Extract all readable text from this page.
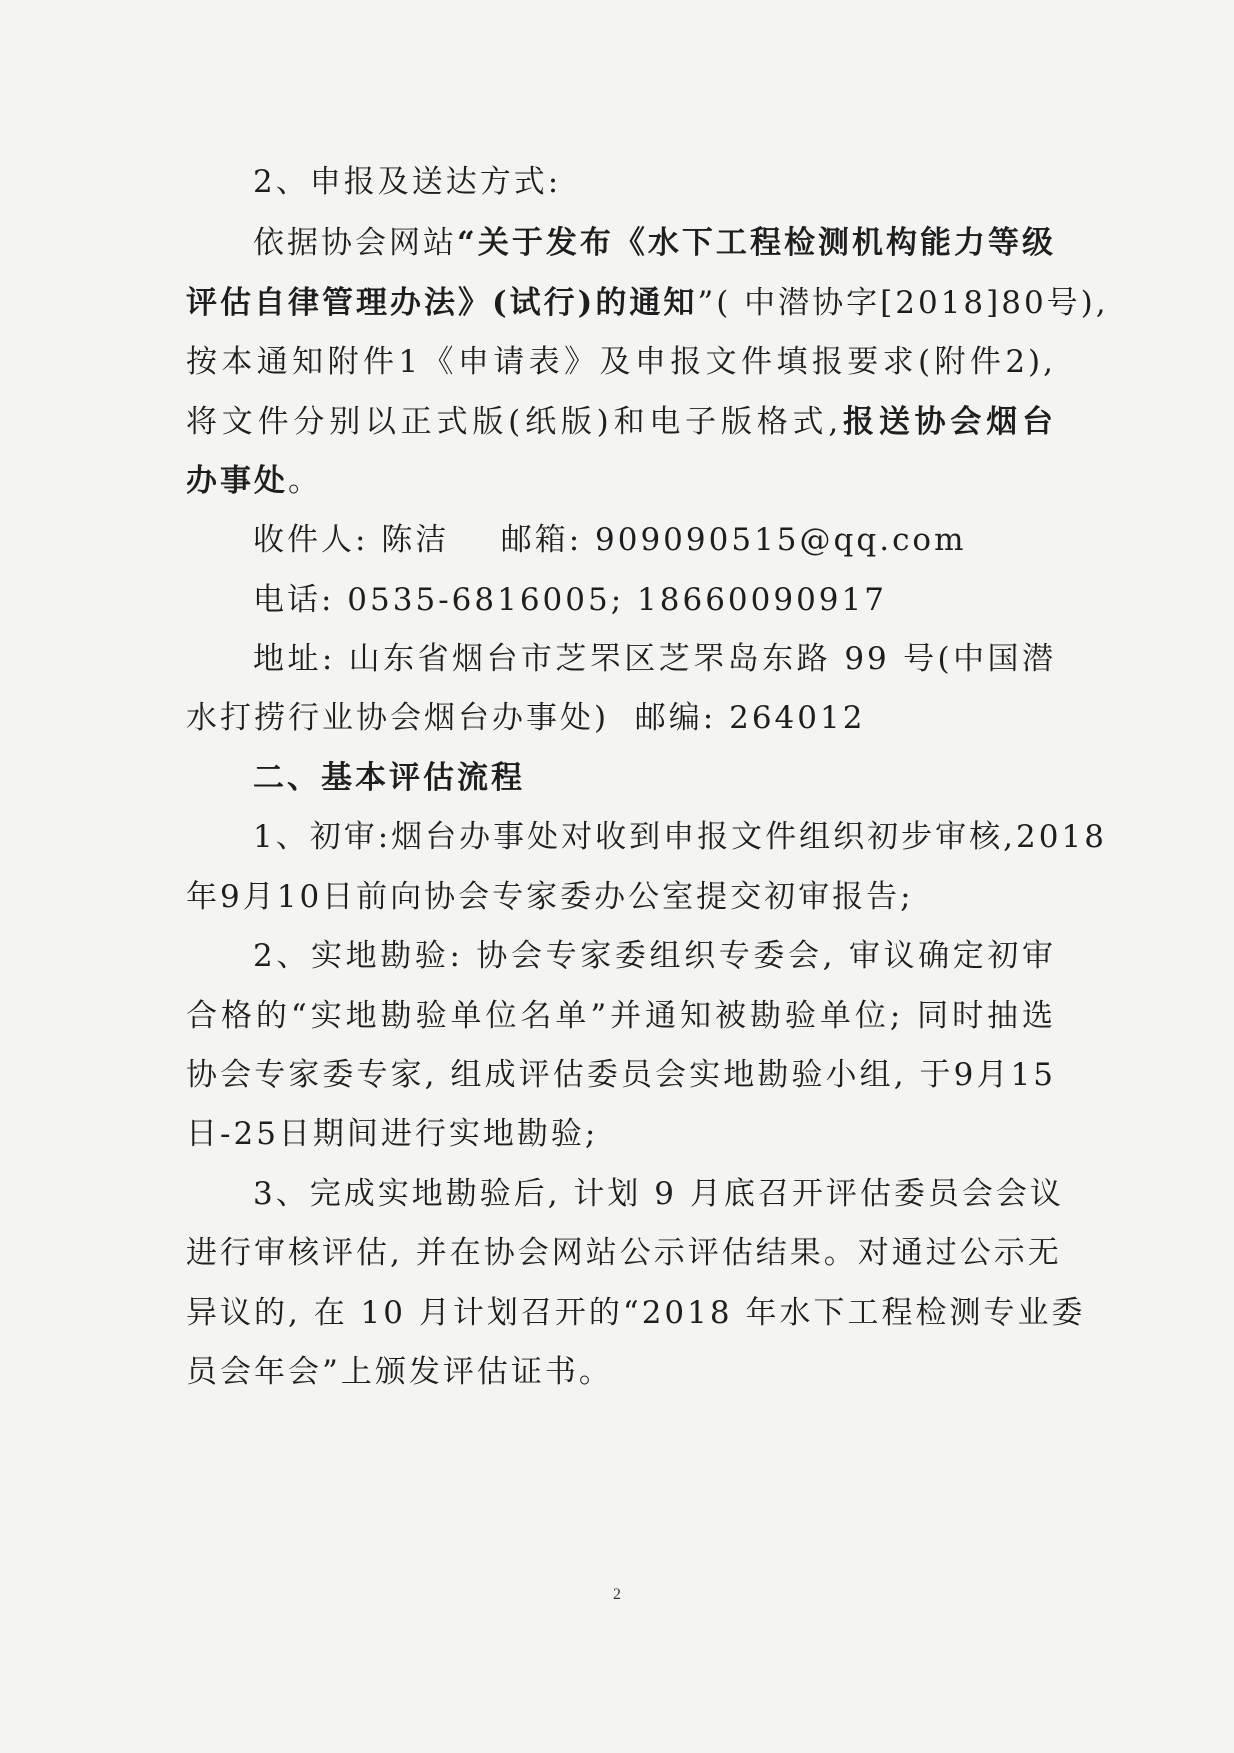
2、申报及送达方式:
依据协会网站“关于发布《水下工程检测机构能力等级
评估自律管理办法》(试行)的通知”( 中潜协字[2018]80号),
按本通知附件1《申请表》及申报文件填报要求(附件2),
将文件分别以正式版(纸版)和电子版格式,报送协会烟台
办事处。
收件人: 陈洁    邮箱: 909090515@qq.com
电话: 0535-6816005; 18660090917
地址: 山东省烟台市芝罘区芝罘岛东路 99 号(中国潜
水打捞行业协会烟台办事处)  邮编: 264012
二、基本评估流程
1、初审:烟台办事处对收到申报文件组织初步审核,2018
年9月10日前向协会专家委办公室提交初审报告;
2、实地勘验: 协会专家委组织专委会, 审议确定初审
合格的“实地勘验单位名单”并通知被勘验单位; 同时抽选
协会专家委专家, 组成评估委员会实地勘验小组, 于9月15
日-25日期间进行实地勘验;
3、完成实地勘验后, 计划 9 月底召开评估委员会会议
进行审核评估, 并在协会网站公示评估结果。对通过公示无
异议的, 在 10 月计划召开的“2018 年水下工程检测专业委
员会年会”上颁发评估证书。
2
